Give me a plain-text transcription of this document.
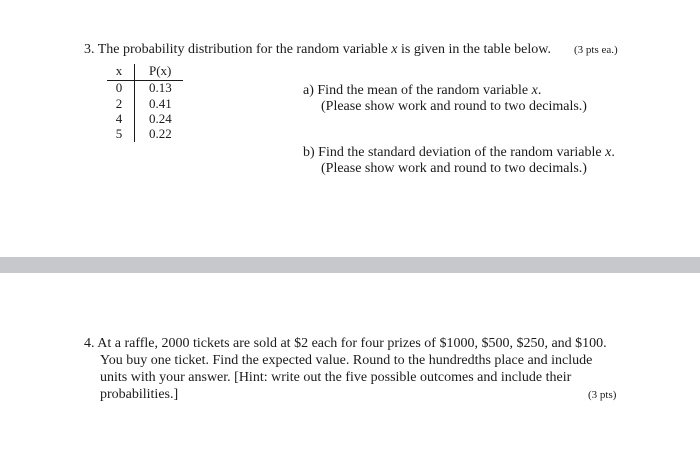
3. The probability distribution for the random variable x is given in the table below. (3 pts ea.)
x	P(x)
0	0.13
2	0.41
4	0.24
5	0.22
a) Find the mean of the random variable x.
(Please show work and round to two decimals.)
b) Find the standard deviation of the random variable x.
(Please show work and round to two decimals.)
4. At a raffle, 2000 tickets are sold at $2 each for four prizes of $1000, $500, $250, and $100.
You buy one ticket. Find the expected value. Round to the hundredths place and include
units with your answer. [Hint: write out the five possible outcomes and include their
probabilities.]	(3 pts)
